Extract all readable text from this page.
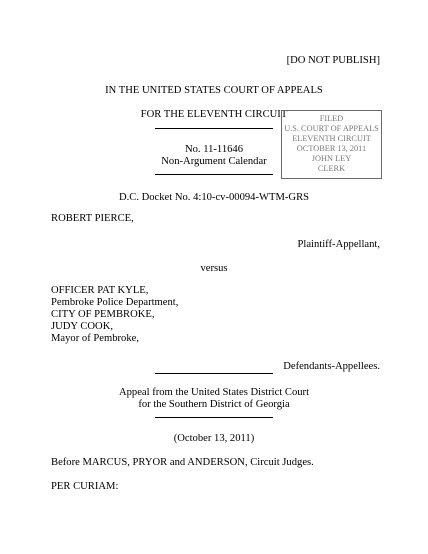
[DO NOT PUBLISH]
IN THE UNITED STATES COURT OF APPEALS
FOR THE ELEVENTH CIRCUIT
No. 11-11646
Non-Argument Calendar
FILED
U.S. COURT OF APPEALS
ELEVENTH CIRCUIT
OCTOBER 13, 2011
JOHN LEY
CLERK
D.C. Docket No. 4:10-cv-00094-WTM-GRS
ROBERT PIERCE,
Plaintiff-Appellant,
versus
OFFICER PAT KYLE,
Pembroke Police Department,
CITY OF PEMBROKE,
JUDY COOK,
Mayor of Pembroke,
Defendants-Appellees.
Appeal from the United States District Court
for the Southern District of Georgia
(October 13, 2011)
Before MARCUS, PRYOR and ANDERSON, Circuit Judges.
PER CURIAM:
